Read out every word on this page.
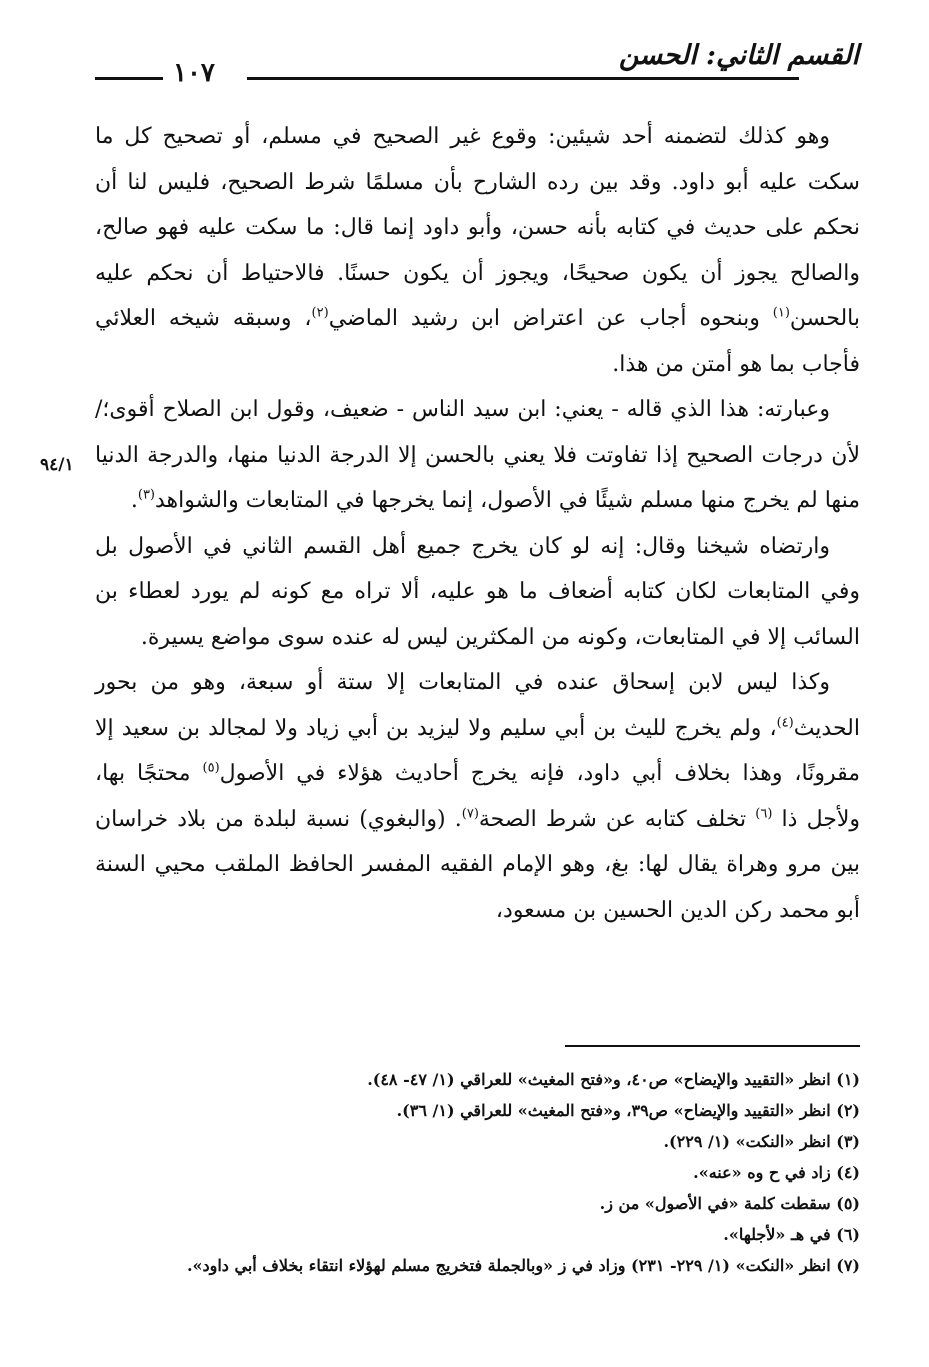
القسم الثاني: الحسن
١٠٧
٩٤/١

وهو كذلك لتضمنه أحد شيئين: وقوع غير الصحيح في مسلم، أو تصحيح كل ما سكت عليه أبو داود. وقد بين رده الشارح بأن مسلمًا شرط الصحيح، فليس لنا أن نحكم على حديث في كتابه بأنه حسن، وأبو داود إنما قال: ما سكت عليه فهو صالح، والصالح يجوز أن يكون صحيحًا، ويجوز أن يكون حسنًا. فالاحتياط أن نحكم عليه بالحسن$^{(١)}$ وبنحوه أجاب عن اعتراض ابن رشيد الماضي$^{(٢)}$، وسبقه شيخه العلائي فأجاب بما هو أمتن من هذا.

وعبارته: هذا الذي قاله - يعني: ابن سيد الناس - ضعيف، وقول ابن الصلاح أقوى؛/ لأن درجات الصحيح إذا تفاوتت فلا يعني بالحسن إلا الدرجة الدنيا منها، والدرجة الدنيا منها لم يخرج منها مسلم شيئًا في الأصول، إنما يخرجها في المتابعات والشواهد$^{(٣)}$.

وارتضاه شيخنا وقال: إنه لو كان يخرج جميع أهل القسم الثاني في الأصول بل وفي المتابعات لكان كتابه أضعاف ما هو عليه، ألا تراه مع كونه لم يورد لعطاء بن السائب إلا في المتابعات، وكونه من المكثرين ليس له عنده سوى مواضع يسيرة.

وكذا ليس لابن إسحاق عنده في المتابعات إلا ستة أو سبعة، وهو من بحور الحديث$^{(٤)}$، ولم يخرج لليث بن أبي سليم ولا ليزيد بن أبي زياد ولا لمجالد بن سعيد إلا مقرونًا، وهذا بخلاف أبي داود، فإنه يخرج أحاديث هؤلاء في الأصول$^{(٥)}$ محتجًا بها، ولأجل ذا $^{(٦)}$ تخلف كتابه عن شرط الصحة$^{(٧)}$. (والبغوي) نسبة لبلدة من بلاد خراسان بين مرو وهراة يقال لها: بغ، وهو الإمام الفقيه المفسر الحافظ الملقب محيي السنة أبو محمد ركن الدين الحسين بن مسعود،

(١) انظر «التقييد والإيضاح» ص٤٠، و«فتح المغيث» للعراقي (١/ ٤٧- ٤٨).

(٢) انظر «التقييد والإيضاح» ص٣٩، و«فتح المغيث» للعراقي (١/ ٣٦).

(٣) انظر «النكت» (١/ ٢٢٩).

(٤) زاد في ح وه «عنه».

(٥) سقطت كلمة «في الأصول» من ز.

(٦) في هـ «لأجلها».

(٧) انظر «النكت» (١/ ٢٢٩- ٢٣١) وزاد في ز «وبالجملة فتخريج مسلم لهؤلاء انتقاء بخلاف أبي داود».
